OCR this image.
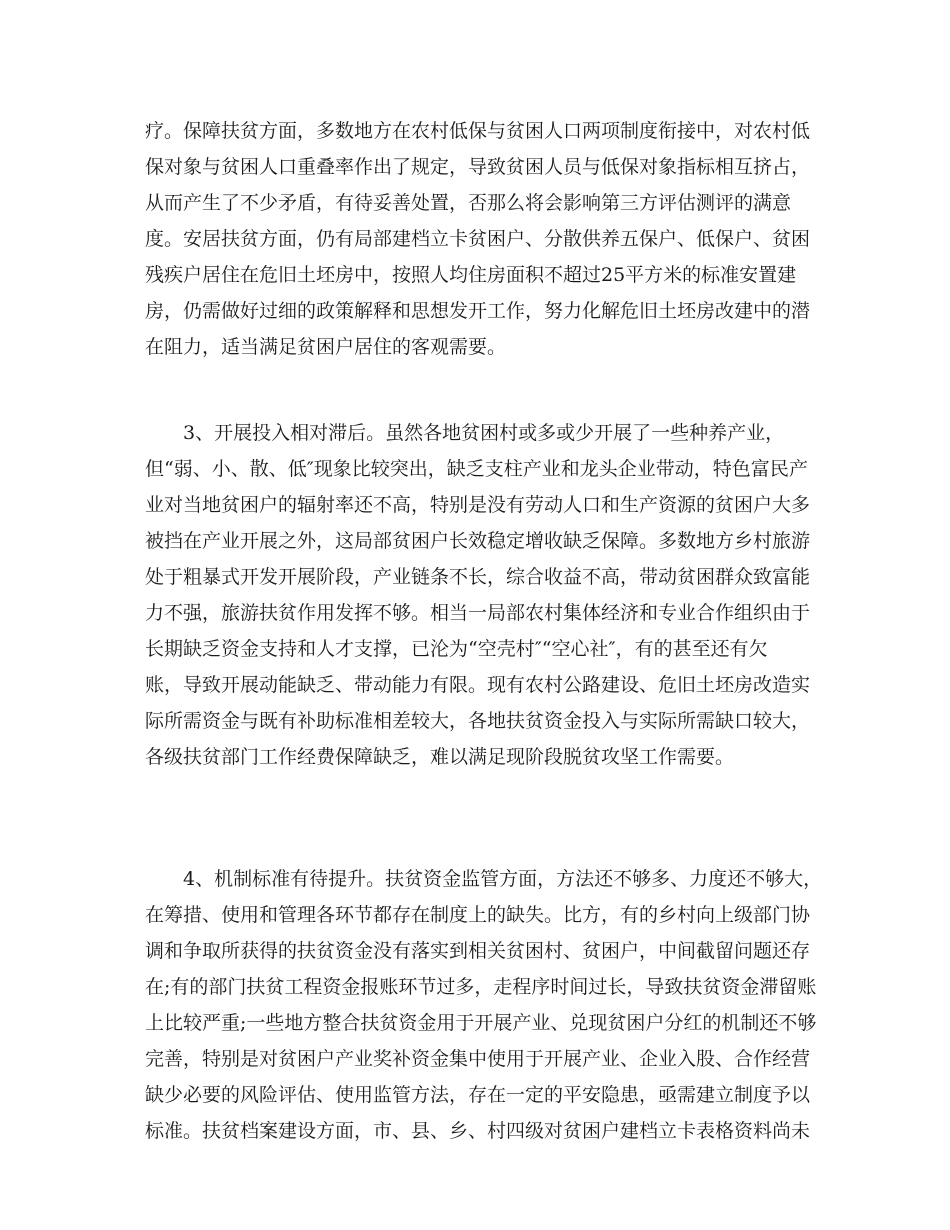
疗。保障扶贫方面，多数地方在农村低保与贫困人口两项制度衔接中，对农村低
保对象与贫困人口重叠率作出了规定，导致贫困人员与低保对象指标相互挤占，
从而产生了不少矛盾，有待妥善处置，否那么将会影响第三方评估测评的满意
度。安居扶贫方面，仍有局部建档立卡贫困户、分散供养五保户、低保户、贫困
残疾户居住在危旧土坯房中，按照人均住房面积不超过25平方米的标准安置建
房，仍需做好过细的政策解释和思想发开工作，努力化解危旧土坯房改建中的潜
在阻力，适当满足贫困户居住的客观需要。
3、开展投入相对滞后。虽然各地贫困村或多或少开展了一些种养产业，
但“弱、小、散、低″现象比较突出，缺乏支柱产业和龙头企业带动，特色富民产
业对当地贫困户的辐射率还不高，特别是没有劳动人口和生产资源的贫困户大多
被挡在产业开展之外，这局部贫困户长效稳定增收缺乏保障。多数地方乡村旅游
处于粗暴式开发开展阶段，产业链条不长，综合收益不高，带动贫困群众致富能
力不强，旅游扶贫作用发挥不够。相当一局部农村集体经济和专业合作组织由于
长期缺乏资金支持和人才支撑，已沦为“空壳村″“空心社″，有的甚至还有欠
账，导致开展动能缺乏、带动能力有限。现有农村公路建设、危旧土坯房改造实
际所需资金与既有补助标准相差较大，各地扶贫资金投入与实际所需缺口较大，
各级扶贫部门工作经费保障缺乏，难以满足现阶段脱贫攻坚工作需要。
4、机制标准有待提升。扶贫资金监管方面，方法还不够多、力度还不够大，
在筹措、使用和管理各环节都存在制度上的缺失。比方，有的乡村向上级部门协
调和争取所获得的扶贫资金没有落实到相关贫困村、贫困户，中间截留问题还存
在;有的部门扶贫工程资金报账环节过多，走程序时间过长，导致扶贫资金滞留账
上比较严重;一些地方整合扶贫资金用于开展产业、兑现贫困户分红的机制还不够
完善，特别是对贫困户产业奖补资金集中使用于开展产业、企业入股、合作经营
缺少必要的风险评估、使用监管方法，存在一定的平安隐患，亟需建立制度予以
标准。扶贫档案建设方面，市、县、乡、村四级对贫困户建档立卡表格资料尚未
